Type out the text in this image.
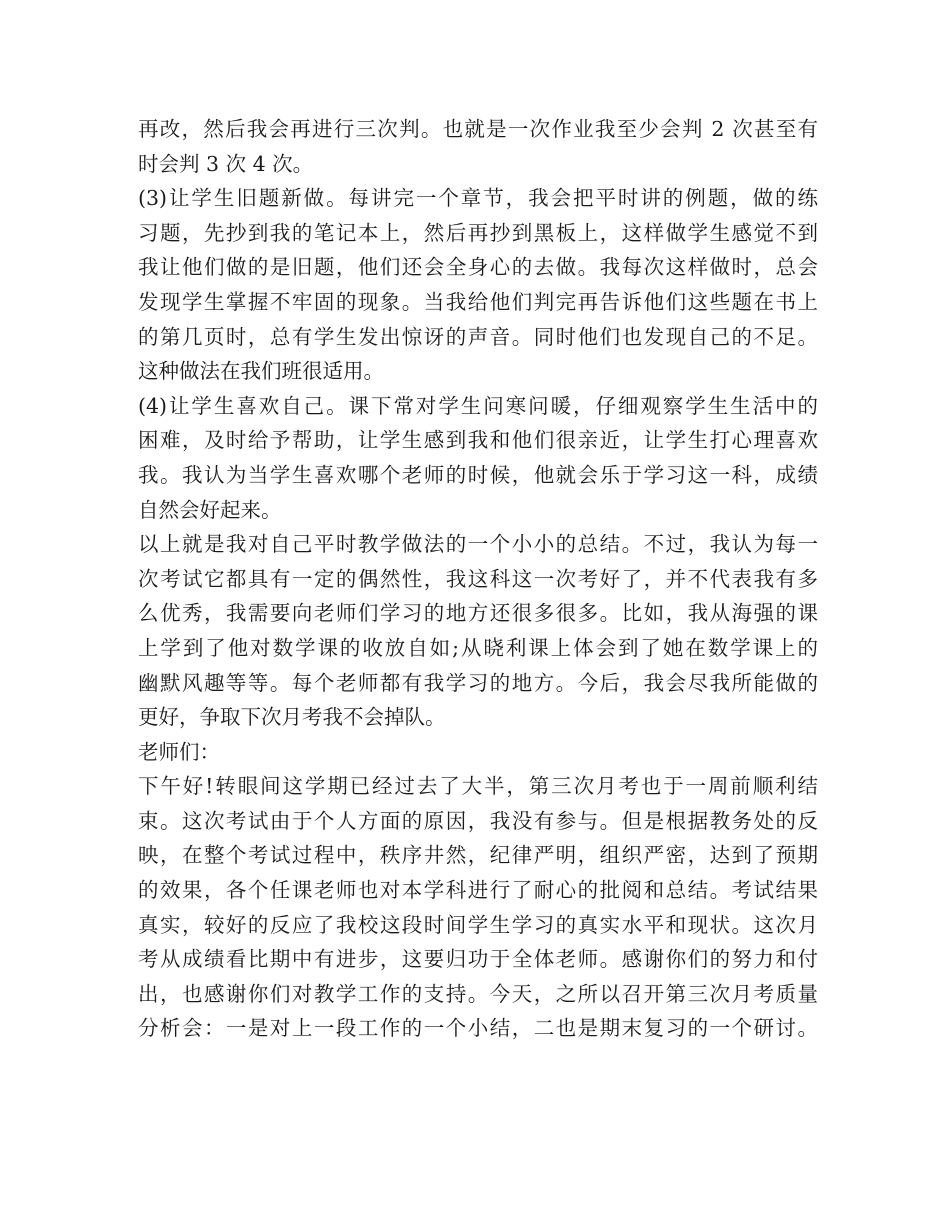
再改，然后我会再进行三次判。也就是一次作业我至少会判 2 次甚至有
时会判 3 次 4 次。
(3)让学生旧题新做。每讲完一个章节，我会把平时讲的例题，做的练
习题，先抄到我的笔记本上，然后再抄到黑板上，这样做学生感觉不到
我让他们做的是旧题，他们还会全身心的去做。我每次这样做时，总会
发现学生掌握不牢固的现象。当我给他们判完再告诉他们这些题在书上
的第几页时，总有学生发出惊讶的声音。同时他们也发现自己的不足。
这种做法在我们班很适用。
(4)让学生喜欢自己。课下常对学生问寒问暖，仔细观察学生生活中的
困难，及时给予帮助，让学生感到我和他们很亲近，让学生打心理喜欢
我。我认为当学生喜欢哪个老师的时候，他就会乐于学习这一科，成绩
自然会好起来。
以上就是我对自己平时教学做法的一个小小的总结。不过，我认为每一
次考试它都具有一定的偶然性，我这科这一次考好了，并不代表我有多
么优秀，我需要向老师们学习的地方还很多很多。比如，我从海强的课
上学到了他对数学课的收放自如;从晓利课上体会到了她在数学课上的
幽默风趣等等。每个老师都有我学习的地方。今后，我会尽我所能做的
更好，争取下次月考我不会掉队。
老师们：
下午好!转眼间这学期已经过去了大半，第三次月考也于一周前顺利结
束。这次考试由于个人方面的原因，我没有参与。但是根据教务处的反
映，在整个考试过程中，秩序井然，纪律严明，组织严密，达到了预期
的效果，各个任课老师也对本学科进行了耐心的批阅和总结。考试结果
真实，较好的反应了我校这段时间学生学习的真实水平和现状。这次月
考从成绩看比期中有进步，这要归功于全体老师。感谢你们的努力和付
出，也感谢你们对教学工作的支持。今天，之所以召开第三次月考质量
分析会：一是对上一段工作的一个小结，二也是期末复习的一个研讨。
